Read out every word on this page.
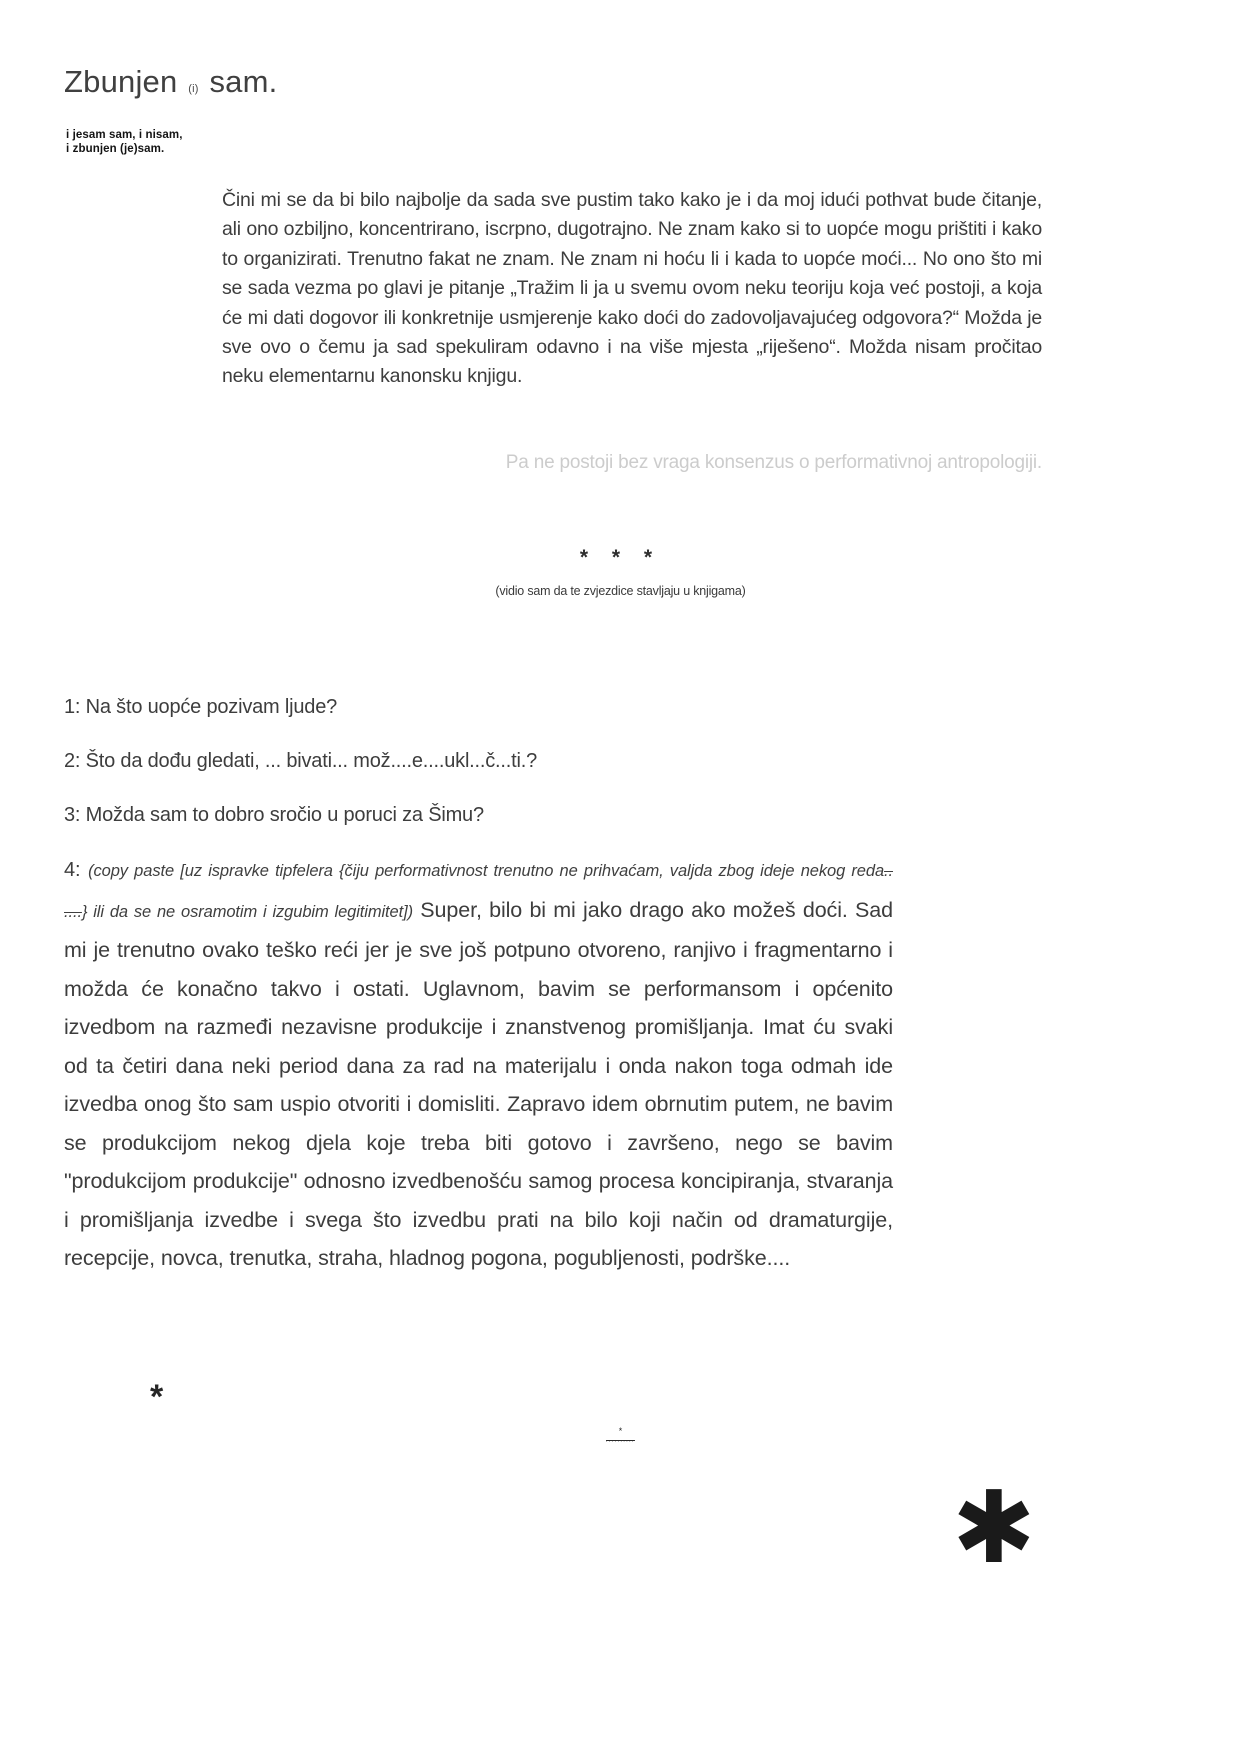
Zbunjen (i) sam.
i jesam sam, i nisam,
i zbunjen (je)sam.
Čini mi se da bi bilo najbolje da sada sve pustim tako kako je i da moj idući pothvat bude čitanje, ali ono ozbiljno, koncentrirano, iscrpno, dugotrajno. Ne znam kako si to uopće mogu prištiti i kako to organizirati. Trenutno fakat ne znam. Ne znam ni hoću li i kada to uopće moći... No ono što mi se sada vezma po glavi je pitanje „Tražim li ja u svemu ovom neku teoriju koja već postoji, a koja će mi dati dogovor ili konkretnije usmjerenje kako doći do zadovoljavajućeg odgovora?“ Možda je sve ovo o čemu ja sad spekuliram odavno i na više mjesta „riješeno“. Možda nisam pročitao neku elementarnu kanonsku knjigu.
Pa ne postoji bez vraga konsenzus o performativnoj antropologiji.
* * *
(vidio sam da te zvjezdice stavljaju u knjigama)
1: Na što uopće pozivam ljude?
2: Što da dođu gledati, ... bivati... mož....e....ukl...č...ti.?
3: Možda sam to dobro sročio u poruci za Šimu?
4: (copy paste [uz ispravke tipfelera {čiju performativnost trenutno ne prihvaćam, valjda zbog ideje nekog reda.. ....} ili da se ne osramotim i izgubim legitimitet]) Super, bilo bi mi jako drago ako možeš doći. Sad mi je trenutno ovako teško reći jer je sve još potpuno otvoreno, ranjivo i fragmentarno i možda će konačno takvo i ostati. Uglavnom, bavim se performansom i općenito izvedbom na razmeđi nezavisne produkcije i znanstvenog promišljanja. Imat ću svaki od ta četiri dana neki period dana za rad na materijalu i onda nakon toga odmah ide izvedba onog što sam uspio otvoriti i domisliti. Zapravo idem obrnutim putem, ne bavim se produkcijom nekog djela koje treba biti gotovo i završeno, nego se bavim "produkcijom produkcije" odnosno izvedbenošću samog procesa koncipiranja, stvaranja i promišljanja izvedbe i svega što izvedbu prati na bilo koji način od dramaturgije, recepcije, novca, trenutka, straha, hladnog pogona, pogubljenosti, podrške....
*
*
..........
✱
